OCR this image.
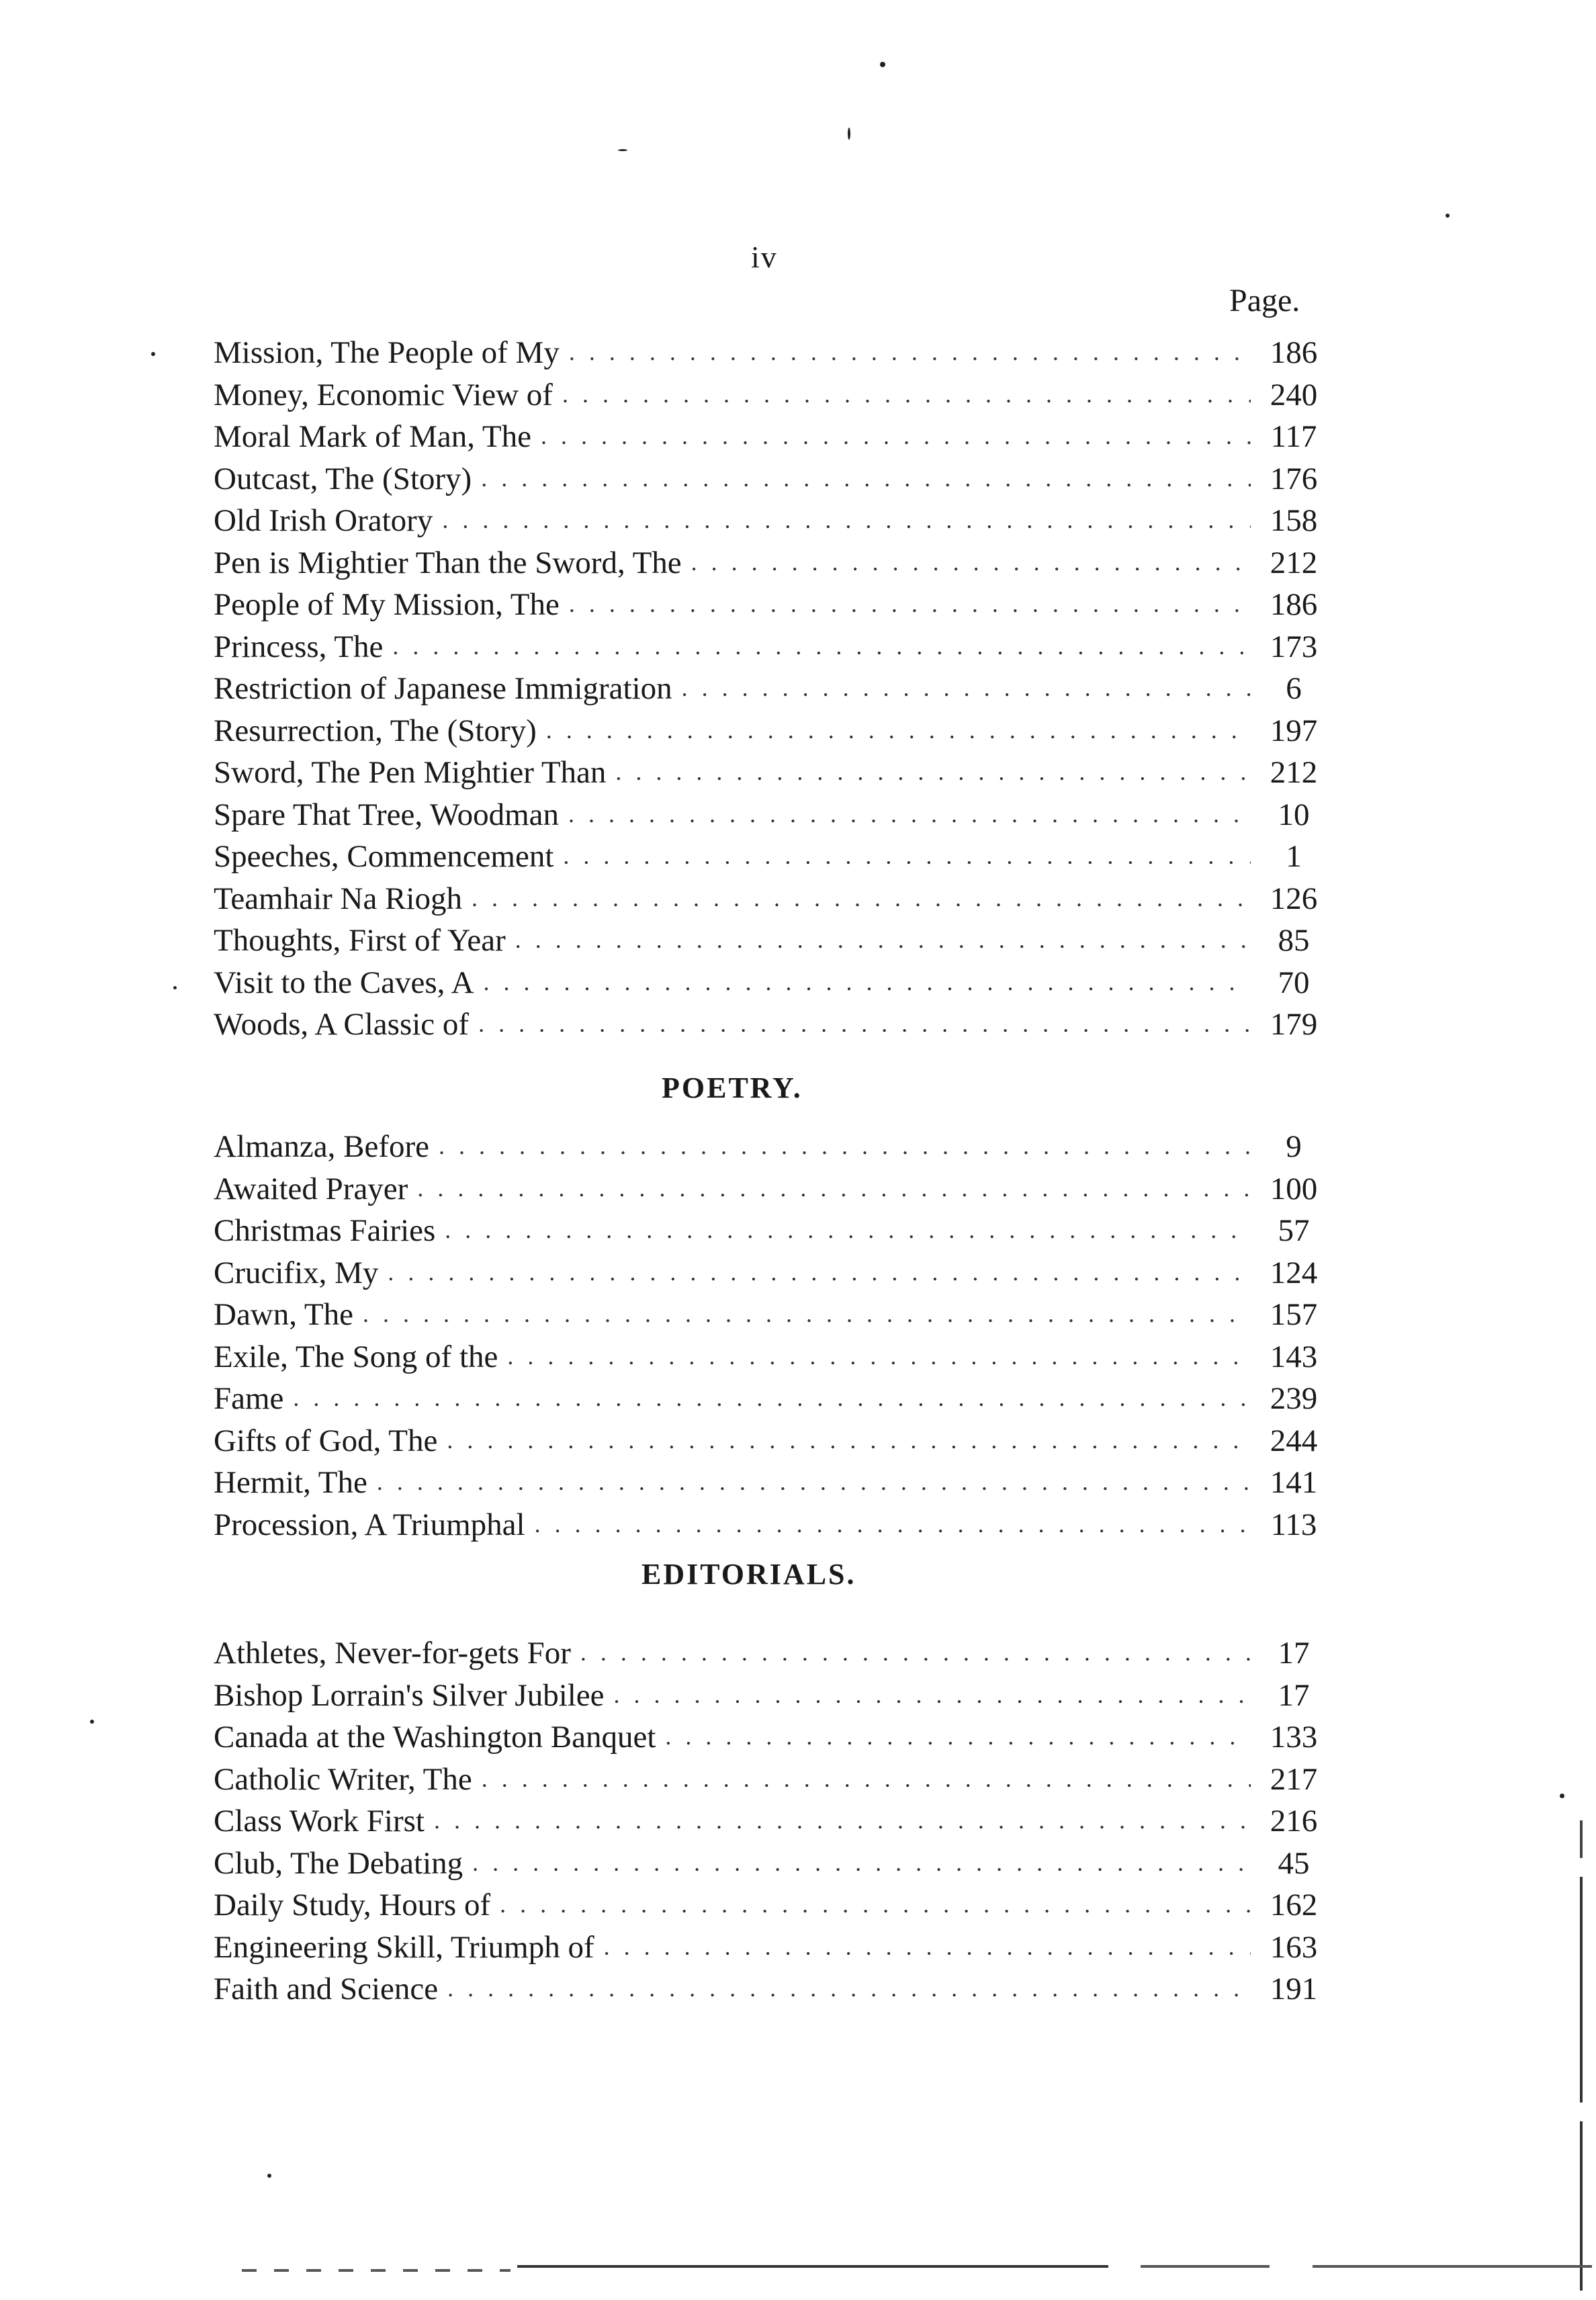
iv
Page.
Mission, The People of My . . .	186
Money, Economic View of . . .	240
Moral Mark of Man, The . . .	117
Outcast, The (Story) . . .	176
Old Irish Oratory . . .	158
Pen is Mightier Than the Sword, The . . .	212
People of My Mission, The . . .	186
Princess, The . . .	173
Restriction of Japanese Immigration . . .	6
Resurrection, The (Story) . . .	197
Sword, The Pen Mightier Than . . .	212
Spare That Tree, Woodman . . .	10
Speeches, Commencement . . .	1
Teamhair Na Riogh . . .	126
Thoughts, First of Year . . .	85
Visit to the Caves, A . . .	70
Woods, A Classic of . . .	179
POETRY.
Almanza, Before . . .	9
Awaited Prayer . . .	100
Christmas Fairies . . .	57
Crucifix, My . . .	124
Dawn, The . . .	157
Exile, The Song of the . . .	143
Fame . . .	239
Gifts of God, The . . .	244
Hermit, The . . .	141
Procession, A Triumphal . . .	113
EDITORIALS.
Athletes, Never-for-gets For . . .	17
Bishop Lorrain's Silver Jubilee . . .	17
Canada at the Washington Banquet . . .	133
Catholic Writer, The . . .	217
Class Work First . . .	216
Club, The Debating . . .	45
Daily Study, Hours of . . .	162
Engineering Skill, Triumph of . . .	163
Faith and Science . . .	191
